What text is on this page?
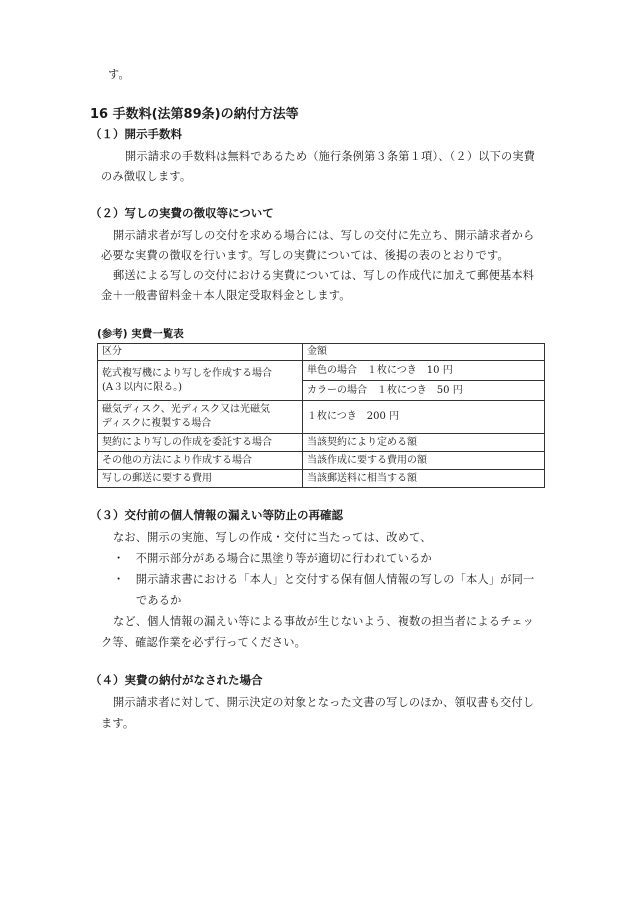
す。
16 手数料(法第89条)の納付方法等
（１）開示手数料
開示請求の手数料は無料であるため（施行条例第３条第１項）、（２）以下の実費
のみ徴収します。
（２）写しの実費の徴収等について
開示請求者が写しの交付を求める場合には、写しの交付に先立ち、開示請求者から
必要な実費の徴収を行います。写しの実費については、後掲の表のとおりです。
郵送による写しの交付における実費については、写しの作成代に加えて郵便基本料
金＋一般書留料金＋本人限定受取料金とします。
(参考) 実費一覧表
区分	金額

乾式複写機により写しを作成する場合
(A３以内に限る。)	単色の場合　１枚につき　10 円
	カラーの場合　１枚につき　50 円

磁気ディスク、光ディスク又は光磁気
ディスクに複製する場合	１枚につき　200 円
契約により写しの作成を委託する場合	当該契約により定める額
その他の方法により作成する場合	当該作成に要する費用の額
写しの郵送に要する費用	当該郵送料に相当する額
（３）交付前の個人情報の漏えい等防止の再確認
なお、開示の実施、写しの作成・交付に当たっては、改めて、
・　不開示部分がある場合に黒塗り等が適切に行われているか
・　開示請求書における「本人」と交付する保有個人情報の写しの「本人」が同一
であるか
など、個人情報の漏えい等による事故が生じないよう、複数の担当者によるチェッ
ク等、確認作業を必ず行ってください。
（４）実費の納付がなされた場合
開示請求者に対して、開示決定の対象となった文書の写しのほか、領収書も交付し
ます。
